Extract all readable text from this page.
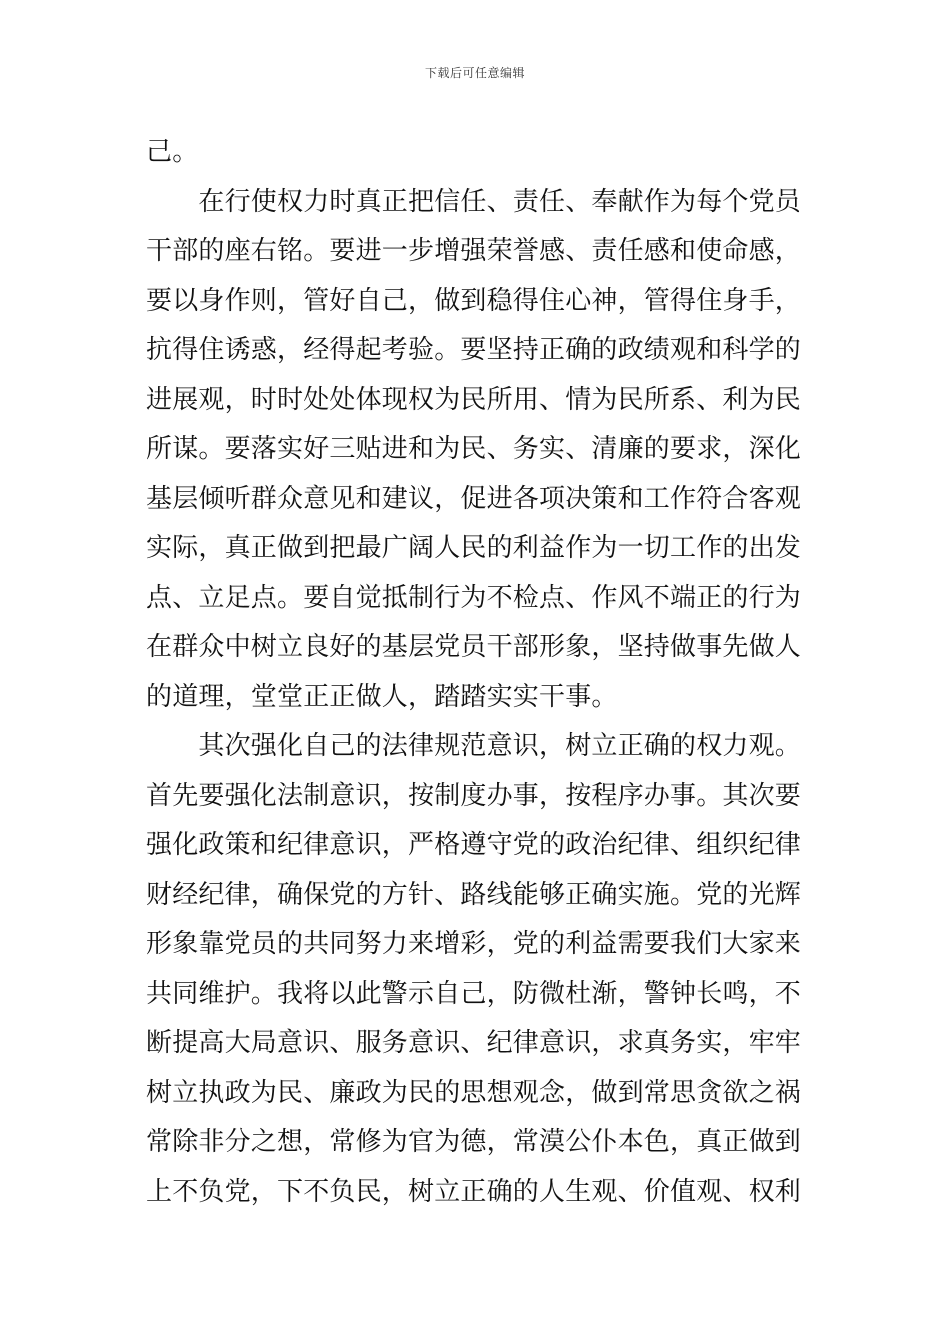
下载后可任意编辑
己。
　　在行使权力时真正把信任、责任、奉献作为每个党员
干部的座右铭。要进一步增强荣誉感、责任感和使命感，
要以身作则，管好自己，做到稳得住心神，管得住身手，
抗得住诱惑，经得起考验。要坚持正确的政绩观和科学的
进展观，时时处处体现权为民所用、情为民所系、利为民
所谋。要落实好三贴进和为民、务实、清廉的要求，深化
基层倾听群众意见和建议，促进各项决策和工作符合客观
实际，真正做到把最广阔人民的利益作为一切工作的出发
点、立足点。要自觉抵制行为不检点、作风不端正的行为
在群众中树立良好的基层党员干部形象，坚持做事先做人
的道理，堂堂正正做人，踏踏实实干事。
　　其次强化自己的法律规范意识，树立正确的权力观。
首先要强化法制意识，按制度办事，按程序办事。其次要
强化政策和纪律意识，严格遵守党的政治纪律、组织纪律
财经纪律，确保党的方针、路线能够正确实施。党的光辉
形象靠党员的共同努力来增彩，党的利益需要我们大家来
共同维护。我将以此警示自己，防微杜渐，警钟长鸣，不
断提高大局意识、服务意识、纪律意识，求真务实，牢牢
树立执政为民、廉政为民的思想观念，做到常思贪欲之祸
常除非分之想，常修为官为德，常漠公仆本色，真正做到
上不负党，下不负民，树立正确的人生观、价值观、权利
